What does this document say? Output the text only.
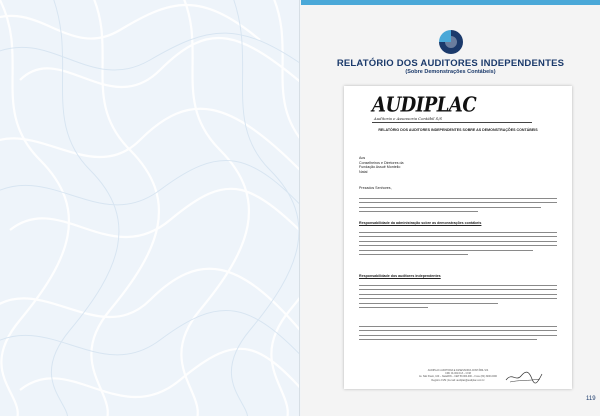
RELATÓRIO DOS AUDITORES INDEPENDENTES
(Sobre Demonstrações Contábeis)
AUDIPLAC
Auditoria e Assessoria Contábil S/S
RELATÓRIO DOS AUDITORES INDEPENDENTES SOBRE AS DEMONSTRAÇÕES CONTÁBEIS
Aos
Conselheiros e Diretores da
Fundação Assuê Montello
Natal
Prezados Senhores,
Responsabilidade da administração sobre as demonstrações contábeis
Responsabilidade dos auditores independentes
AUDIPLAC AUDITORIA E ASSESSORIA CONTÁBIL S/S
CRC 01.001/O-8 – CVM
Av. São Paulo, 100 – Natal/RN – CEP 59.000-000 – Fone (84) 3200-0000
Registro CVM | E-mail: audiplac@audiplac.com.br
119
